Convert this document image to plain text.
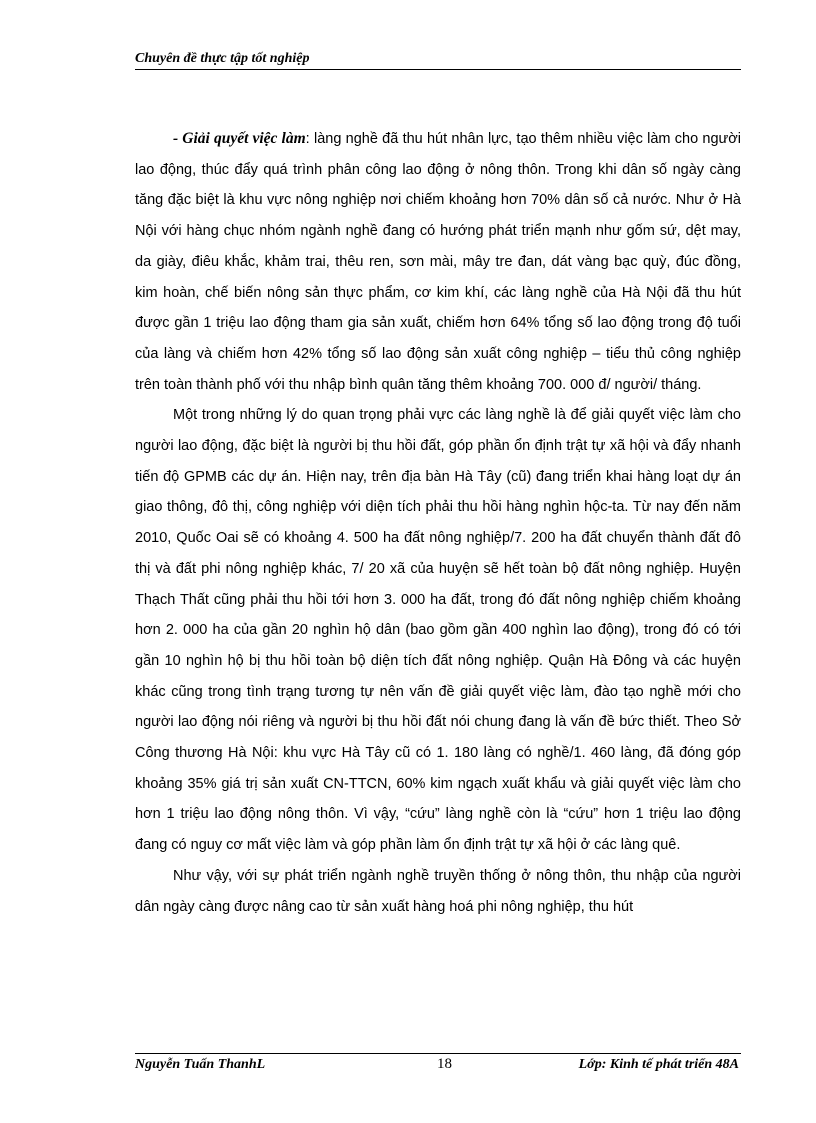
Chuyên đề thực tập tốt nghiệp

- Giải quyết việc làm: làng nghề đã thu hút nhân lực, tạo thêm nhiều việc làm cho người lao động, thúc đẩy quá trình phân công lao động ở nông thôn. Trong khi dân số ngày càng tăng đặc biệt là khu vực nông nghiệp nơi chiếm khoảng hơn 70% dân số cả nước. Như ở Hà Nội với hàng chục nhóm ngành nghề đang có hướng phát triển mạnh như gốm sứ, dệt may, da giày, điêu khắc, khảm trai, thêu ren, sơn mài, mây tre đan, dát vàng bạc quỳ, đúc đồng, kim hoàn, chế biến nông sản thực phẩm, cơ kim khí, các làng nghề của Hà Nội đã thu hút được gần 1 triệu lao động tham gia sản xuất, chiếm hơn 64% tổng số lao động trong độ tuổi của làng và chiếm hơn 42% tổng số lao động sản xuất công nghiệp – tiểu thủ công nghiệp trên toàn thành phố với thu nhập bình quân tăng thêm khoảng 700. 000 đ/ người/ tháng.

Một trong những lý do quan trọng phải vực các làng nghề là để giải quyết việc làm cho người lao động, đặc biệt là người bị thu hồi đất, góp phần ổn định trật tự xã hội và đẩy nhanh tiến độ GPMB các dự án. Hiện nay, trên địa bàn Hà Tây (cũ) đang triển khai hàng loạt dự án giao thông, đô thị, công nghiệp với diện tích phải thu hồi hàng nghìn hộc-ta. Từ nay đến năm 2010, Quốc Oai sẽ có khoảng 4. 500 ha đất nông nghiệp/7. 200 ha đất chuyển thành đất đô thị và đất phi nông nghiệp khác, 7/ 20 xã của huyện sẽ hết toàn bộ đất nông nghiệp. Huyện Thạch Thất cũng phải thu hồi tới hơn 3. 000 ha đất, trong đó đất nông nghiệp chiếm khoảng hơn 2. 000 ha của gần 20 nghìn hộ dân (bao gồm gần 400 nghìn lao động), trong đó có tới gần 10 nghìn hộ bị thu hồi toàn bộ diện tích đất nông nghiệp. Quận Hà Đông và các huyện khác cũng trong tình trạng tương tự nên vấn đề giải quyết việc làm, đào tạo nghề mới cho người lao động nói riêng và người bị thu hồi đất nói chung đang là vấn đề bức thiết. Theo Sở Công thương Hà Nội: khu vực Hà Tây cũ có 1. 180 làng có nghề/1. 460 làng, đã đóng góp khoảng 35% giá trị sản xuất CN-TTCN, 60% kim ngạch xuất khẩu và giải quyết việc làm cho hơn 1 triệu lao động nông thôn. Vì vậy, “cứu” làng nghề còn là “cứu” hơn 1 triệu lao động đang có nguy cơ mất việc làm và góp phần làm ổn định trật tự xã hội ở các làng quê.

Như vậy, với sự phát triển ngành nghề truyền thống ở nông thôn, thu nhập của người dân ngày càng được nâng cao từ sản xuất hàng hoá phi nông nghiệp, thu hút

Nguyễn Tuấn ThanhL	18	Lớp: Kinh tế phát triển 48A
